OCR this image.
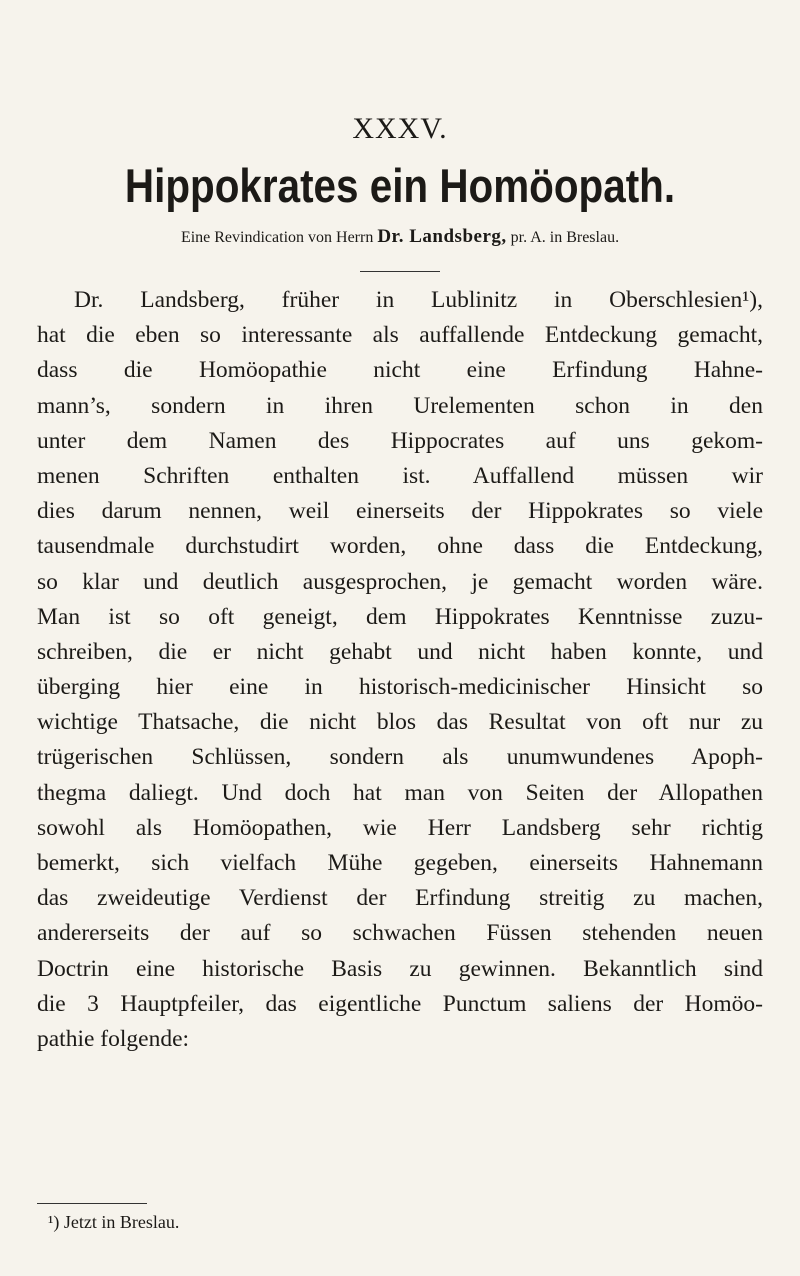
XXXV.
Hippokrates ein Homöopath.
Eine Revindication von Herrn Dr. Landsberg, pr. A. in Breslau.
Dr. Landsberg, früher in Lublinitz in Oberschlesien¹),
hat die eben so interessante als auffallende Entdeckung gemacht,
dass die Homöopathie nicht eine Erfindung Hahne-
mann’s, sondern in ihren Urelementen schon in den
unter dem Namen des Hippocrates auf uns gekom-
menen Schriften enthalten ist. Auffallend müssen wir
dies darum nennen, weil einerseits der Hippokrates so viele
tausendmale durchstudirt worden, ohne dass die Entdeckung,
so klar und deutlich ausgesprochen, je gemacht worden wäre.
Man ist so oft geneigt, dem Hippokrates Kenntnisse zuzu-
schreiben, die er nicht gehabt und nicht haben konnte, und
überging hier eine in historisch-medicinischer Hinsicht so
wichtige Thatsache, die nicht blos das Resultat von oft nur zu
trügerischen Schlüssen, sondern als unumwundenes Apoph-
thegma daliegt. Und doch hat man von Seiten der Allopathen
sowohl als Homöopathen, wie Herr Landsberg sehr richtig
bemerkt, sich vielfach Mühe gegeben, einerseits Hahnemann
das zweideutige Verdienst der Erfindung streitig zu machen,
andererseits der auf so schwachen Füssen stehenden neuen
Doctrin eine historische Basis zu gewinnen. Bekanntlich sind
die 3 Hauptpfeiler, das eigentliche Punctum saliens der Homöo-
pathie folgende:
¹) Jetzt in Breslau.
